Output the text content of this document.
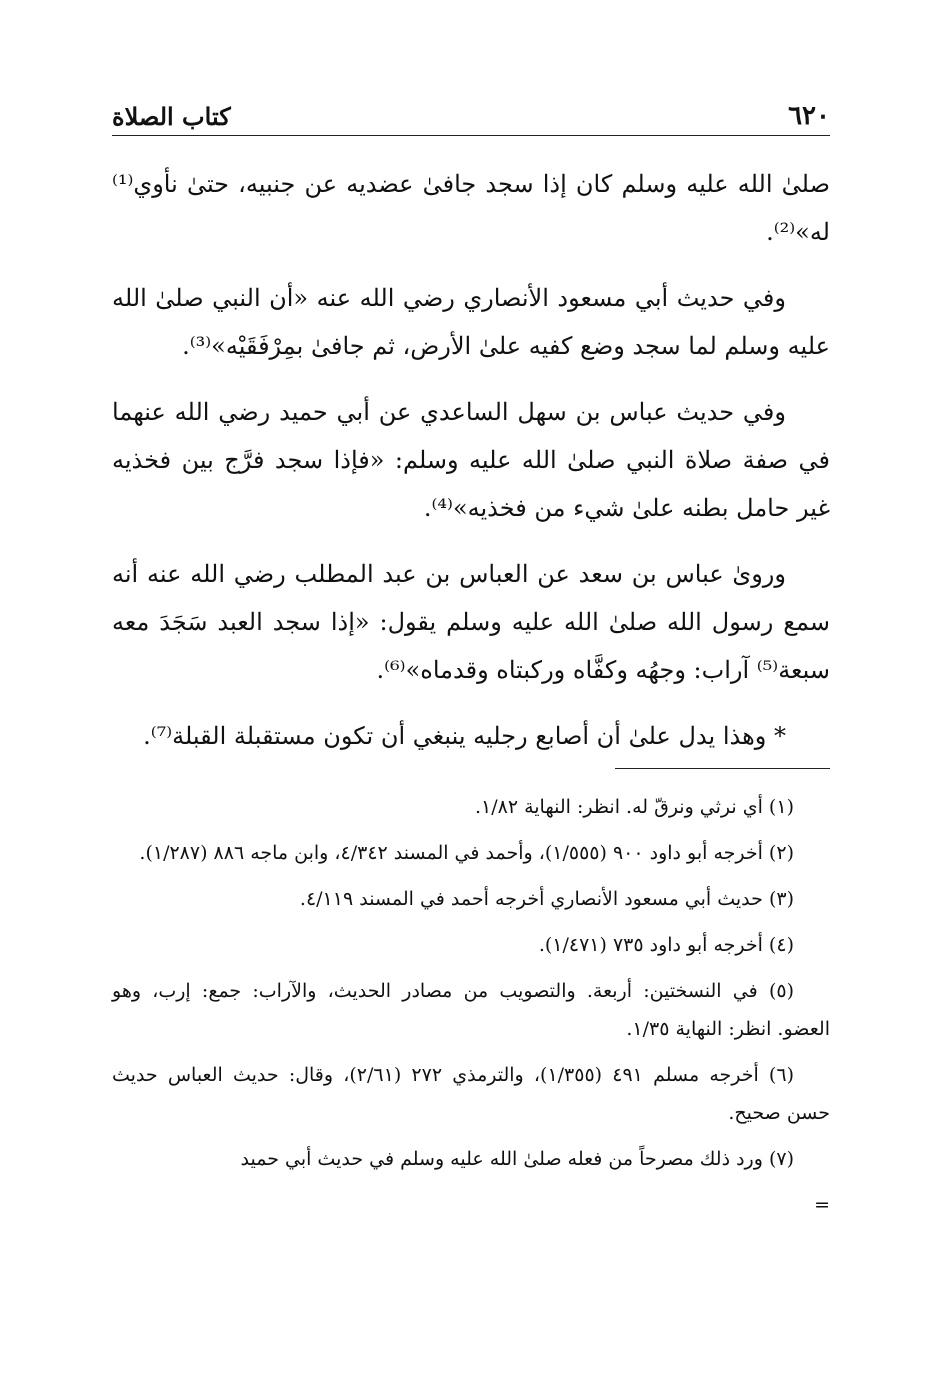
٦٢٠
كتاب الصلاة

صلىٰ الله عليه وسلم كان إذا سجد جافىٰ عضديه عن جنبيه، حتىٰ نأوي⁽¹⁾ له»⁽²⁾.

وفي حديث أبي مسعود الأنصاري رضي الله عنه «أن النبي صلىٰ الله عليه وسلم لما سجد وضع كفيه علىٰ الأرض، ثم جافىٰ بمِرْفَقَيْه»⁽³⁾.

وفي حديث عباس بن سهل الساعدي عن أبي حميد رضي الله عنهما في صفة صلاة النبي صلىٰ الله عليه وسلم: «فإذا سجد فرَّج بين فخذيه غير حامل بطنه علىٰ شيء من فخذيه»⁽⁴⁾.

وروىٰ عباس بن سعد عن العباس بن عبد المطلب رضي الله عنه أنه سمع رسول الله صلىٰ الله عليه وسلم يقول: «إذا سجد العبد سَجَدَ معه سبعة⁽⁵⁾ آراب: وجهُه وكفَّاه وركبتاه وقدماه»⁽⁶⁾.

* وهذا يدل علىٰ أن أصابع رجليه ينبغي أن تكون مستقبلة القبلة⁽⁷⁾.

(١) أي نرثي ونرقّ له. انظر: النهاية ١/٨٢.

(٢) أخرجه أبو داود ٩٠٠ (١/٥٥٥)، وأحمد في المسند ٤/٣٤٢، وابن ماجه ٨٨٦ (١/٢٨٧).

(٣) حديث أبي مسعود الأنصاري أخرجه أحمد في المسند ٤/١١٩.

(٤) أخرجه أبو داود ٧٣٥ (١/٤٧١).

(٥) في النسختين: أربعة. والتصويب من مصادر الحديث، والآراب: جمع: إرب، وهو العضو. انظر: النهاية ١/٣٥.

(٦) أخرجه مسلم ٤٩١ (١/٣٥٥)، والترمذي ٢٧٢ (٢/٦١)، وقال: حديث العباس حديث حسن صحيح.

(٧) ورد ذلك مصرحاً من فعله صلىٰ الله عليه وسلم في حديث أبي حميد

=
